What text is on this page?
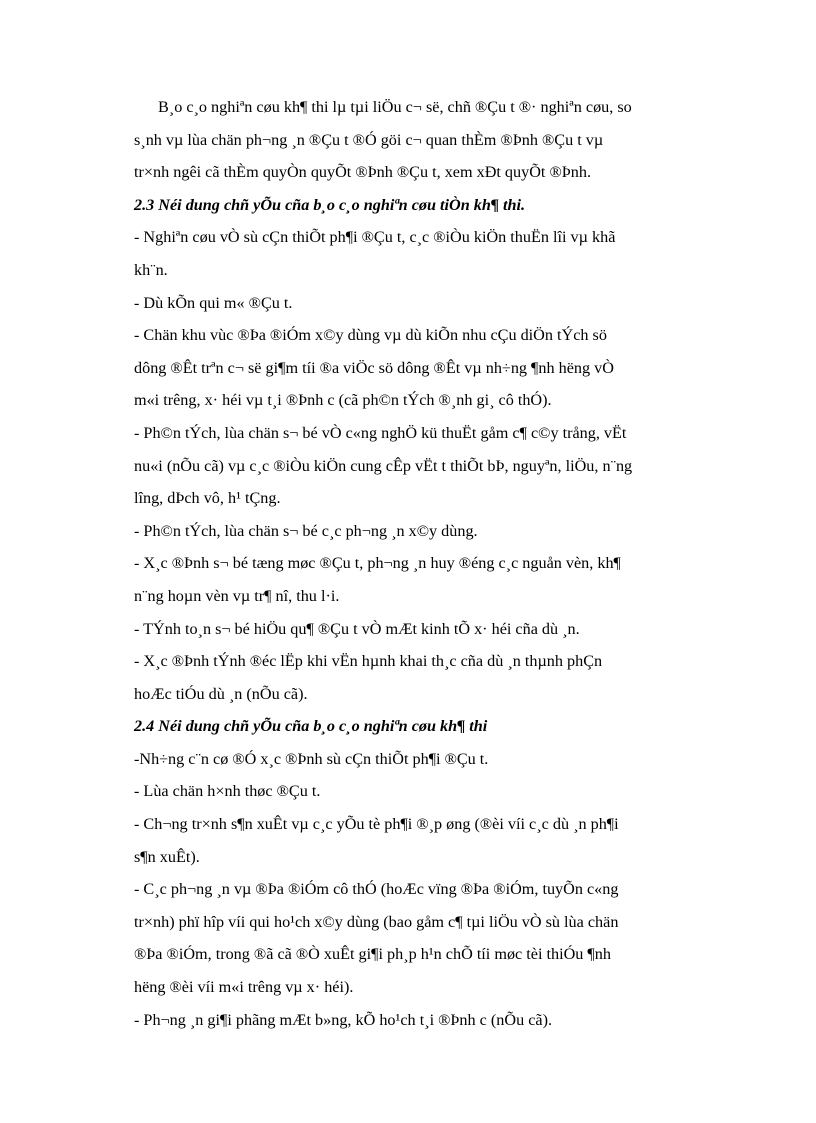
B¸o c¸o nghiªn cøu kh¶ thi lµ tµi liÖu c¬ së, chñ ®Çu t ®· nghiªn cøu, so

s¸nh vµ lùa chän ph¬ng ¸n ®Çu t ®Ó göi c¬ quan thÈm ®Þnh ®Çu t vµ

tr×nh ngêi cã thÈm quyÒn quyÕt ®Þnh ®Çu t, xem xÐt quyÕt ®Þnh.

2.3 Néi dung chñ yÕu cña b¸o c¸o nghiªn cøu tiÒn kh¶ thi.

- Nghiªn cøu vÒ sù cÇn thiÕt ph¶i ®Çu t, c¸c ®iÒu kiÖn thuËn lîi vµ khã

kh¨n.

- Dù kÕn qui m« ®Çu t.

- Chän khu vùc ®Þa ®iÓm x©y dùng vµ dù kiÕn nhu cÇu diÖn tÝch sö

dông ®Êt trªn c¬ së gi¶m tíi ®a viÖc sö dông ®Êt vµ nh÷ng ¶nh hëng vÒ

m«i trêng, x· héi vµ t¸i ®Þnh c (cã ph©n tÝch ®¸nh gi¸ cô thÓ).

- Ph©n tÝch, lùa chän s¬ bé vÒ c«ng nghÖ kü thuËt gåm c¶ c©y trång, vËt

nu«i (nÕu cã) vµ c¸c ®iÒu kiÖn cung cÊp vËt t thiÕt bÞ, nguyªn, liÖu, n¨ng

lîng, dÞch vô, h¹ tÇng.

- Ph©n tÝch, lùa chän s¬ bé c¸c ph¬ng ¸n x©y dùng.

- X¸c ®Þnh s¬ bé tæng møc ®Çu t, ph¬ng ¸n huy ®éng c¸c nguån vèn, kh¶

n¨ng hoµn vèn vµ tr¶ nî, thu l·i.

- TÝnh to¸n s¬ bé hiÖu qu¶ ®Çu t vÒ mÆt kinh tÕ x· héi cña dù ¸n.

- X¸c ®Þnh tÝnh ®éc lËp khi vËn hµnh khai th¸c cña dù ¸n thµnh phÇn

hoÆc tiÓu dù ¸n (nÕu cã).

2.4 Néi dung chñ yÕu cña b¸o c¸o nghiªn cøu kh¶ thi

-Nh÷ng c¨n cø ®Ó x¸c ®Þnh sù cÇn thiÕt ph¶i ®Çu t.

- Lùa chän h×nh thøc ®Çu t.

- Ch¬ng tr×nh s¶n xuÊt vµ c¸c yÕu tè ph¶i ®¸p øng (®èi víi c¸c dù ¸n ph¶i

s¶n xuÊt).

- C¸c ph¬ng ¸n vµ ®Þa ®iÓm cô thÓ (hoÆc vïng ®Þa ®iÓm, tuyÕn c«ng

tr×nh) phï hîp víi qui ho¹ch x©y dùng (bao gåm c¶ tµi liÖu vÒ sù lùa chän

®Þa ®iÓm, trong ®ã cã ®Ò xuÊt gi¶i ph¸p h¹n chÕ tíi møc tèi thiÓu ¶nh

hëng ®èi víi m«i trêng vµ x· héi).

- Ph¬ng ¸n gi¶i phãng mÆt b»ng, kÕ ho¹ch t¸i ®Þnh c (nÕu cã).
